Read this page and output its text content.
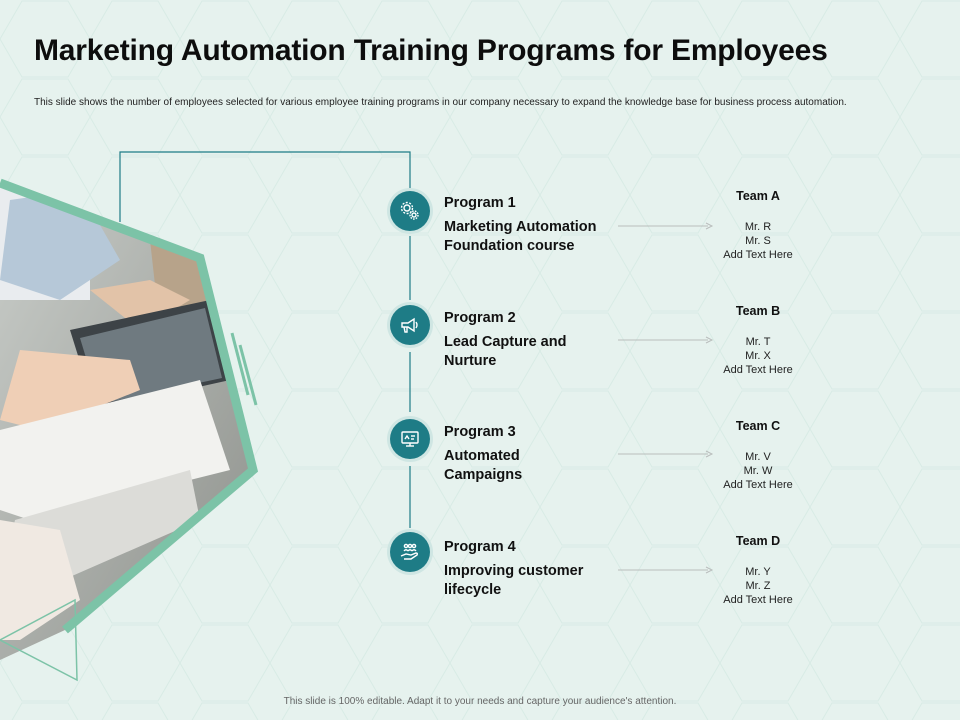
Marketing Automation Training Programs for Employees
This slide shows the number of employees selected for various employee training programs in our company necessary to expand the knowledge base for business process automation.
Program 1
Marketing Automation
Foundation course
Team A
Mr. R
Mr. S
Add Text Here
Program 2
Lead Capture and
Nurture
Team B
Mr. T
Mr. X
Add Text Here
Program 3
Automated
Campaigns
Team C
Mr. V
Mr. W
Add Text Here
Program 4
Improving customer
lifecycle
Team D
Mr. Y
Mr. Z
Add Text Here
This slide is 100% editable. Adapt it to your needs and capture your audience's attention.
